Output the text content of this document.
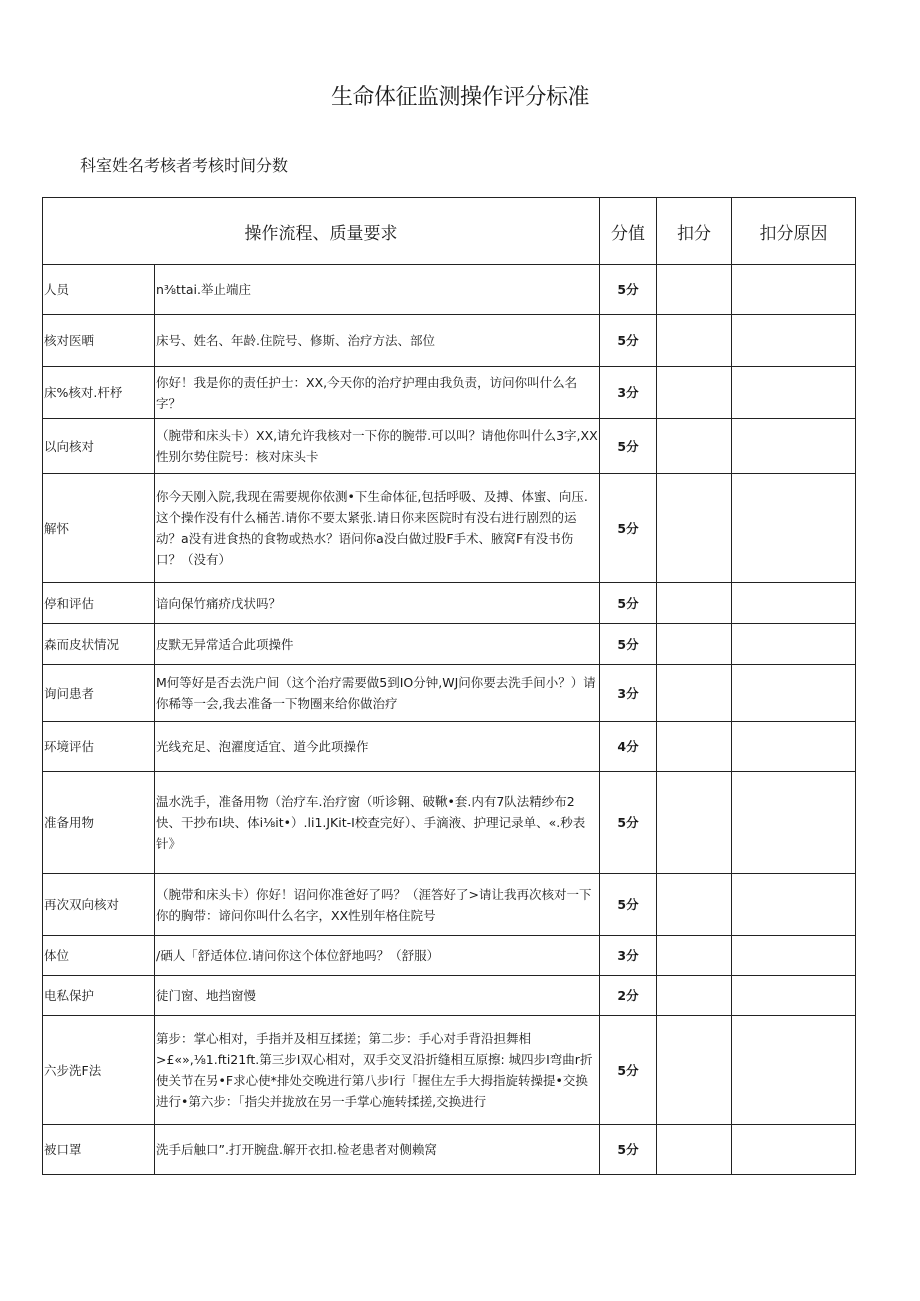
生命体征监测操作评分标准
科室姓名考核者考核时间分数
操作流程、质量要求		分值	扣分	扣分原因
人员	n⅜ttai.举止端庄	5分		
核对医晒	床号、姓名、年龄.住院号、修斯、治疗方法、部位	5分		
床%核对.杆杼	你好！我是你的责任护士：XX,今天你的治疗护理由我负责，访问你叫什么名字？	3分		
以向核对	（腕带和床头卡）XX,请允许我核对一下你的腕带.可以叫？请他你叫什么3字,XX性别尔势住院号：核对床头卡	5分		
解怀	你今天刚入院,我现在需要规你依测•下生命体征,包括呼吸、及搏、体蜜、向压.这个操作没有什么桶苦.请你不要太紧张.请日你来医院时有没右进行剧烈的运动？a没有进食热的食物或热水？语问你a没白做过股F手术、腋窝F有没书伤口？（没有）	5分		
停和评估	谙向保竹痛疥戊状吗？	5分		
森而皮状情况	皮默无异常适合此项操件	5分		
询问患者	M何等好是否去洗户间（这个治疗需要做5到IO分钟,WJ问你要去洗手间小？）请你稀等一会,我去准备一下物圈来给你做治疗	3分		
环境评估	光线充足、泡濯度适宜、道今此项操作	4分		
准备用物	温水洗手，准备用物（治疗车.治疗窗（听诊翱、破鞦•套.内有7队法精纱布2快、干抄布I块、体i⅛it•）.li1.JKit-I校查完好）、手滴液、护理记录单、«.秒表针》	5分		
再次双向核对	（腕带和床头卡）你好！诏问你准爸好了吗？（涯答好了>请让我再次核对一下你的胸带：谛问你叫什么名字，XX性别年格住院号	5分		
体位	/硒人「舒适体位.请问你这个体位舒地吗？（舒服）	3分		
电私保护	徒门窗、地挡窗慢	2分		
六步洗F法	第步：掌心相对，手指并及相互揉搓；第二步：手心对手背沿担舞相>£«»,⅛1.fti21ft.第三步I双心相对，双手交叉沿折缝相互原擦: 城四步I弯曲r折使关节在另•F求心使*排处交晚进行第八步I行「握住左手大拇指旋转操提•交换进行•第六步：「指尖并拢放在另一手掌心施转揉搓,交换进行	5分		
被口罩	洗手后触口”.打开腕盘.解开衣扣.检老患者对侧赖窝	5分		
